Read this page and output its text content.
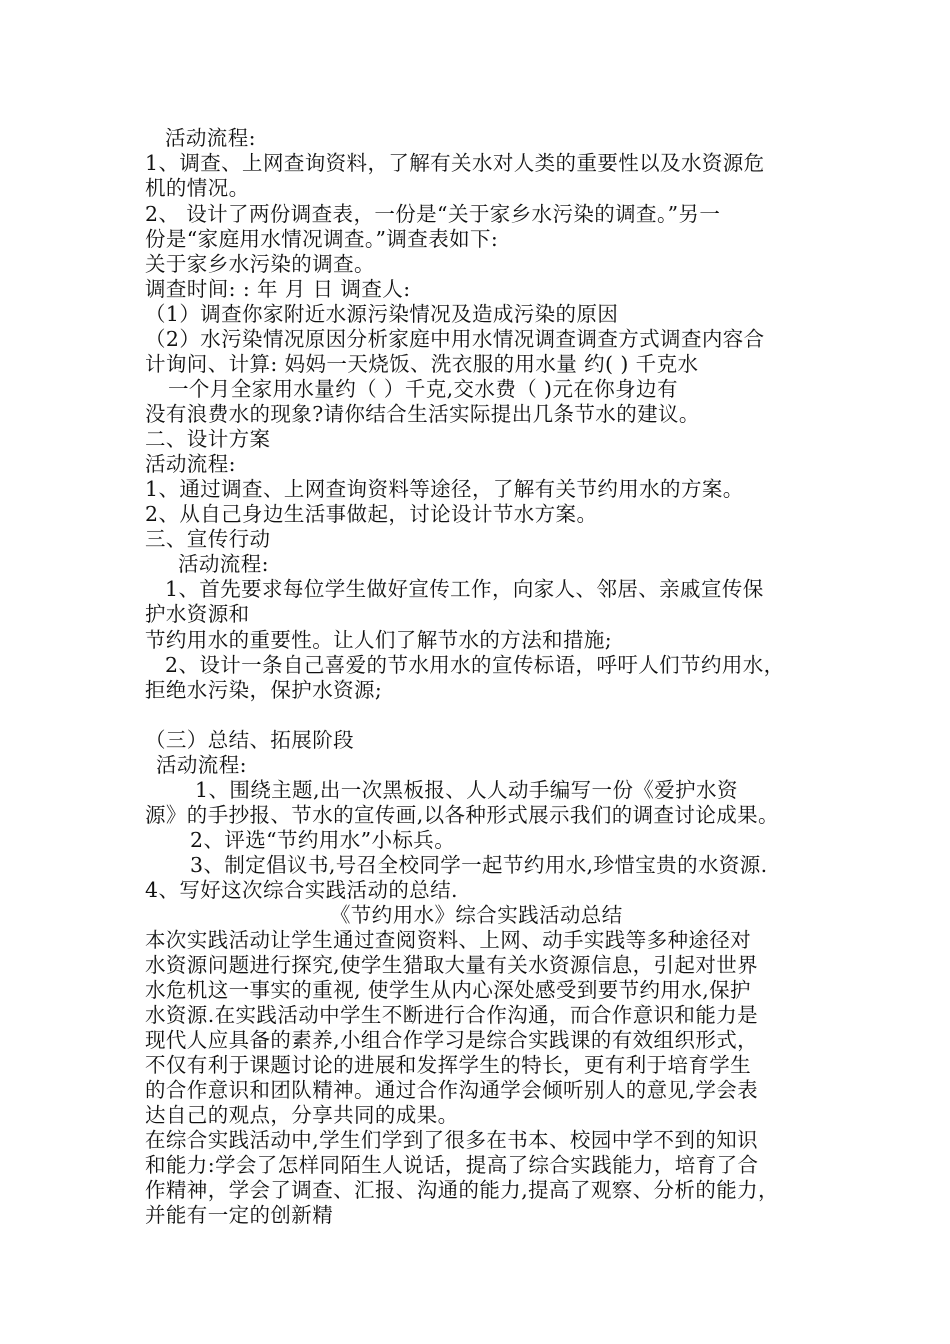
活动流程:
1、调查、上网查询资料，了解有关水对人类的重要性以及水资源危
机的情况。
2、 设计了两份调查表，一份是“关于家乡水污染的调查。”另一
份是“家庭用水情况调查。”调查表如下:
关于家乡水污染的调查。
调查时间: : 年 月 日 调查人:
（1）调查你家附近水源污染情况及造成污染的原因
（2）水污染情况原因分析家庭中用水情况调查调查方式调查内容合
计询问、计算: 妈妈一天烧饭、洗衣服的用水量 约( ) 千克水
一个月全家用水量约（ ）千克,交水费（ )元在你身边有
没有浪费水的现象?请你结合生活实际提出几条节水的建议。
二、设计方案
活动流程:
1、通过调查、上网查询资料等途径，了解有关节约用水的方案。
2、从自己身边生活事做起，讨论设计节水方案。
三、宣传行动
活动流程:
1、首先要求每位学生做好宣传工作，向家人、邻居、亲戚宣传保
护水资源和
节约用水的重要性。让人们了解节水的方法和措施;
2、设计一条自己喜爱的节水用水的宣传标语，呼吁人们节约用水，
拒绝水污染，保护水资源;
（三）总结、拓展阶段
活动流程:
1、围绕主题,出一次黑板报、人人动手编写一份《爱护水资
源》的手抄报、节水的宣传画,以各种形式展示我们的调查讨论成果。
2、评选“节约用水”小标兵。
3、制定倡议书,号召全校同学一起节约用水,珍惜宝贵的水资源.
4、写好这次综合实践活动的总结.
《节约用水》综合实践活动总结
本次实践活动让学生通过查阅资料、上网、动手实践等多种途径对
水资源问题进行探究,使学生猎取大量有关水资源信息，引起对世界
水危机这一事实的重视, 使学生从内心深处感受到要节约用水,保护
水资源.在实践活动中学生不断进行合作沟通，而合作意识和能力是
现代人应具备的素养,小组合作学习是综合实践课的有效组织形式，
不仅有利于课题讨论的进展和发挥学生的特长，更有利于培育学生
的合作意识和团队精神。通过合作沟通学会倾听别人的意见,学会表
达自己的观点，分享共同的成果。
在综合实践活动中,学生们学到了很多在书本、校园中学不到的知识
和能力:学会了怎样同陌生人说话，提高了综合实践能力，培育了合
作精神，学会了调查、汇报、沟通的能力,提高了观察、分析的能力，
并能有一定的创新精
